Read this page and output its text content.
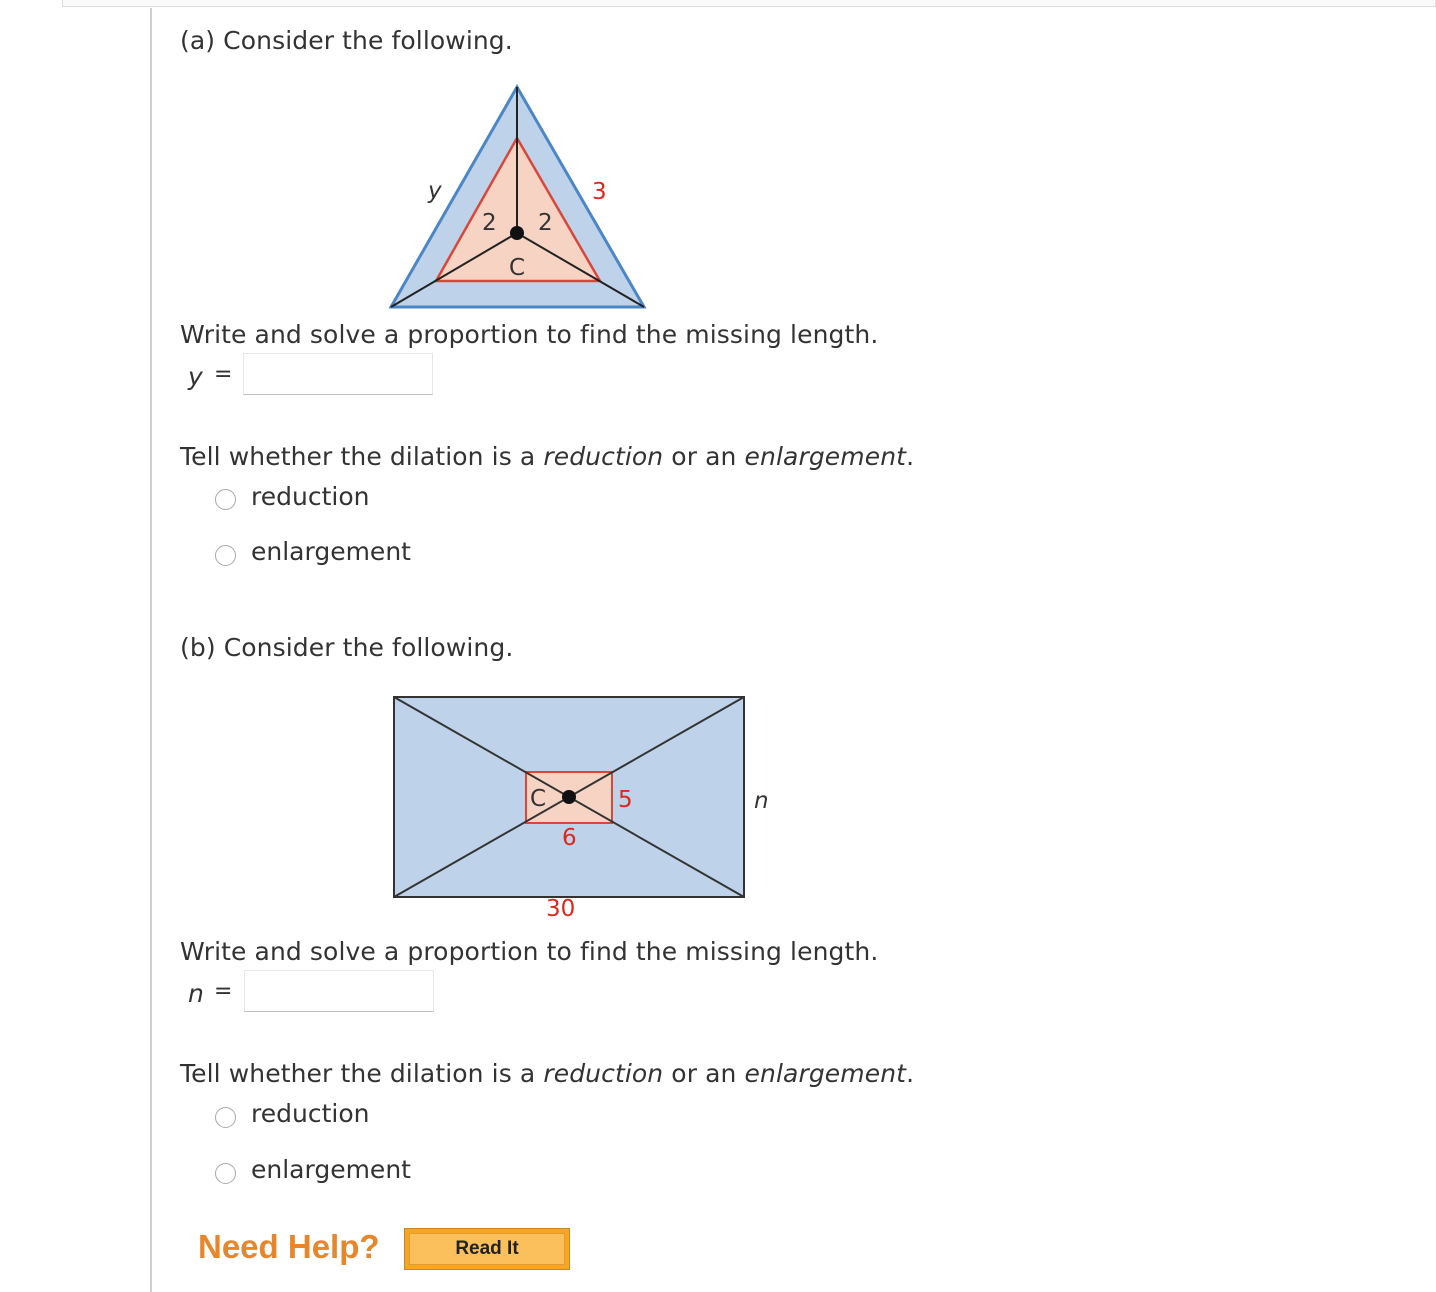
(a) Consider the following.
y	3
2 2
C
Write and solve a proportion to find the missing length.
y =
Tell whether the dilation is a reduction or an enlargement.
reduction
enlargement
(b) Consider the following.
C	5
6
30
n
Write and solve a proportion to find the missing length.
n =
Tell whether the dilation is a reduction or an enlargement.
reduction
enlargement
Need Help?	Read It
